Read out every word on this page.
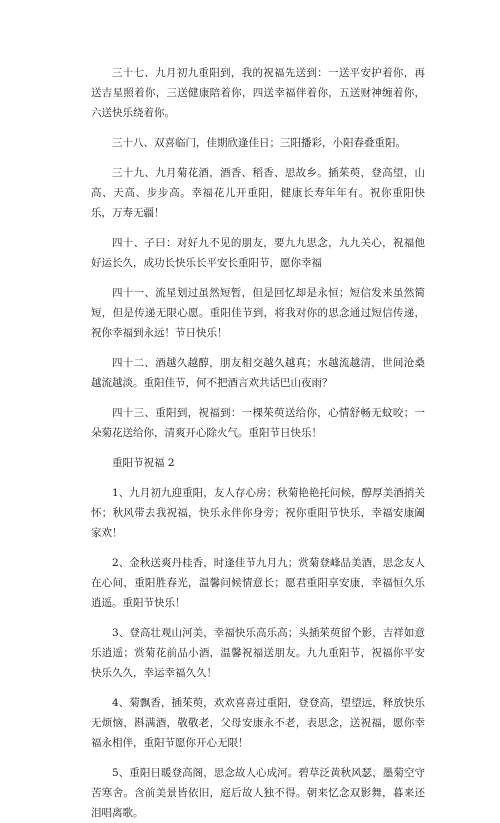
三十七、九月初九重阳到，我的祝福先送到：一送平安护着你，再送吉星照着你，三送健康陪着你，四送幸福伴着你，五送财神缠着你，六送快乐绕着你。

三十八、双喜临门，佳期欣逢佳日；三阳播彩，小阳春叠重阳。

三十九、九月菊花酒，酒香、稻香、思故乡。插茱萸，登高望，山高、天高、步步高。幸福花儿开重阳，健康长寿年年有。祝你重阳快乐，万寿无疆！

四十、子曰：对好九不见的朋友，要九九思念，九九关心，祝福他好运长久，成功长快乐长平安长重阳节，愿你幸福

四十一、流星划过虽然短暂，但是回忆却是永恒；短信发来虽然简短，但是传递无限心愿。重阳佳节到，将我对你的思念通过短信传递，祝你幸福到永远！节日快乐！

四十二、酒越久越醇，朋友相交越久越真；水越流越清，世间沧桑越流越淡。重阳佳节，何不把酒言欢共话巴山夜雨？

四十三、重阳到，祝福到：一棵茱萸送给你，心情舒畅无蚊咬；一朵菊花送给你，清爽开心除火气。重阳节日快乐！

重阳节祝福 2

1、九月初九迎重阳，友人存心房；秋菊艳艳托问候，醇厚美酒捎关怀；秋风带去我祝福，快乐永伴你身旁；祝你重阳节快乐，幸福安康阖家欢！

2、金秋送爽丹桂香，时逢佳节九月九；赏菊登峰品美酒，思念友人在心间，重阳胜春光，温馨问候情意长；愿君重阳享安康，幸福恒久乐逍遥。重阳节快乐！

3、登高壮观山河美，幸福快乐高乐高；头插茱萸留个影，吉祥如意乐逍遥；赏菊花前品小酒，温馨祝福送朋友。九九重阳节，祝福你平安快乐久久，幸运幸福久久！

4、菊飘香，插茱萸，欢欢喜喜过重阳，登登高，望望远，释放快乐无烦恼，斟满酒，敬敬老，父母安康永不老，表思念，送祝福，愿你幸福永相伴，重阳节愿你开心无限！

5、重阳日暖登高阁，思念故人心成河。碧草泛黄秋风瑟，墨菊空守苦寒舍。含前美景皆依旧，庭后故人独不得。朝来忆念双影舞，暮来还泪唱离歌。
